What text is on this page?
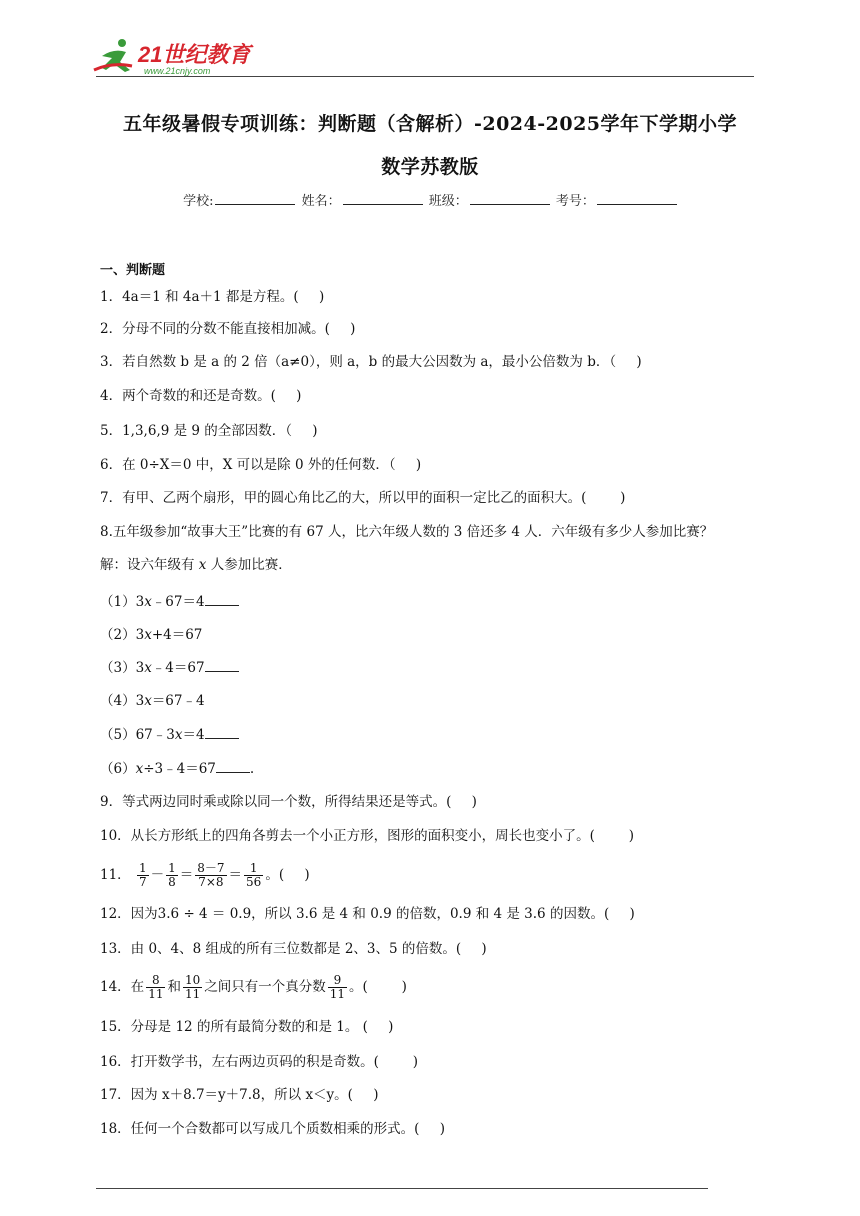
21世纪教育
www.21cnjy.com
五年级暑假专项训练：判断题（含解析）-2024-2025学年下学期小学
数学苏教版
学校:	姓名：	班级：	考号：
一、判断题
1．4a＝1 和 4a＋1 都是方程。(   )
2．分母不同的分数不能直接相加减。(   )
3．若自然数 b 是 a 的 2 倍（a≠0），则 a，b 的最大公因数为 a，最小公倍数为 b．（   )
4．两个奇数的和还是奇数。(   )
5．1,3,6,9 是 9 的全部因数．（   )
6．在 0÷X＝0 中，X 可以是除 0 外的任何数．（   )
7．有甲、乙两个扇形，甲的圆心角比乙的大，所以甲的面积一定比乙的面积大。(   	)
8.五年级参加“故事大王”比赛的有 67 人，比六年级人数的 3 倍还多 4 人．六年级有多少人参加比赛？
解：设六年级有 x 人参加比赛．
（1）3x﹣67＝4
（2）3x+4＝67
（3）3x﹣4＝67
（4）3x＝67﹣4
（5）67﹣3x＝4
（6）x÷3﹣4＝67	.
9．等式两边同时乘或除以同一个数，所得结果还是等式。(   )
10．从长方形纸上的四角各剪去一个小正方形，图形的面积变小，周长也变小了。(   	)
11． $\frac{1}{7} - \frac{1}{8} = \frac{8-7}{7\times 8} = \frac{1}{56}$ 。(   )
12．因为3.6 ÷ 4 ＝ 0.9，所以 3.6 是 4 和 0.9 的倍数，0.9 和 4 是 3.6 的因数。(   )
13．由 0、4、8 组成的所有三位数都是 2、3、5 的倍数。(   )
14．在 $\frac{8}{11}$ 和 $\frac{10}{11}$ 之间只有一个真分数 $\frac{9}{11}$ 。(   	)
15．分母是 12 的所有最简分数的和是 1。 (   )
16．打开数学书，左右两边页码的积是奇数。(   	)
17．因为 x＋8.7＝y＋7.8，所以 x＜y。(   )
18．任何一个合数都可以写成几个质数相乘的形式。(   )
